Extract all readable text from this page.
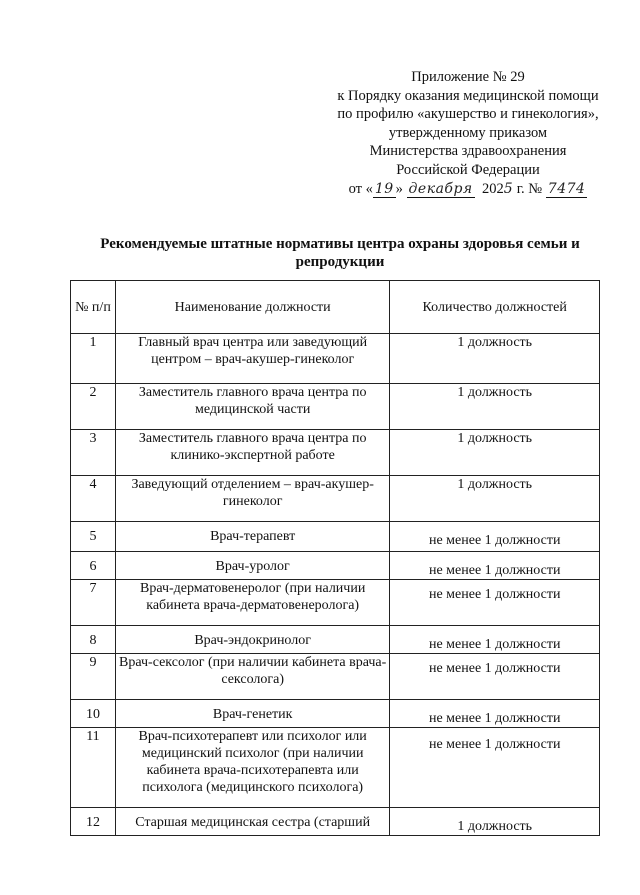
Приложение № 29
к Порядку оказания медицинской помощи
по профилю «акушерство и гинекология»,
утвержденному приказом
Министерства здравоохранения
Российской Федерации
от « 19 » декабря 2025 г. № 7474
Рекомендуемые штатные нормативы центра охраны здоровья семьи и репродукции
№ п/п	Наименование должности	Количество должностей
1	Главный врач центра или заведующий центром – врач-акушер-гинеколог	1 должность
2	Заместитель главного врача центра по медицинской части	1 должность
3	Заместитель главного врача центра по клинико-экспертной работе	1 должность
4	Заведующий отделением – врач-акушер-гинеколог	1 должность
5	Врач-терапевт	не менее 1 должности
6	Врач-уролог	не менее 1 должности
7	Врач-дерматовенеролог (при наличии кабинета врача-дерматовенеролога)	не менее 1 должности
8	Врач-эндокринолог	не менее 1 должности
9	Врач-сексолог (при наличии кабинета врача-сексолога)	не менее 1 должности
10	Врач-генетик	не менее 1 должности
11	Врач-психотерапевт или психолог или медицинский психолог (при наличии кабинета врача-психотерапевта или психолога (медицинского психолога)	не менее 1 должности
12	Старшая медицинская сестра (старший	1 должность
